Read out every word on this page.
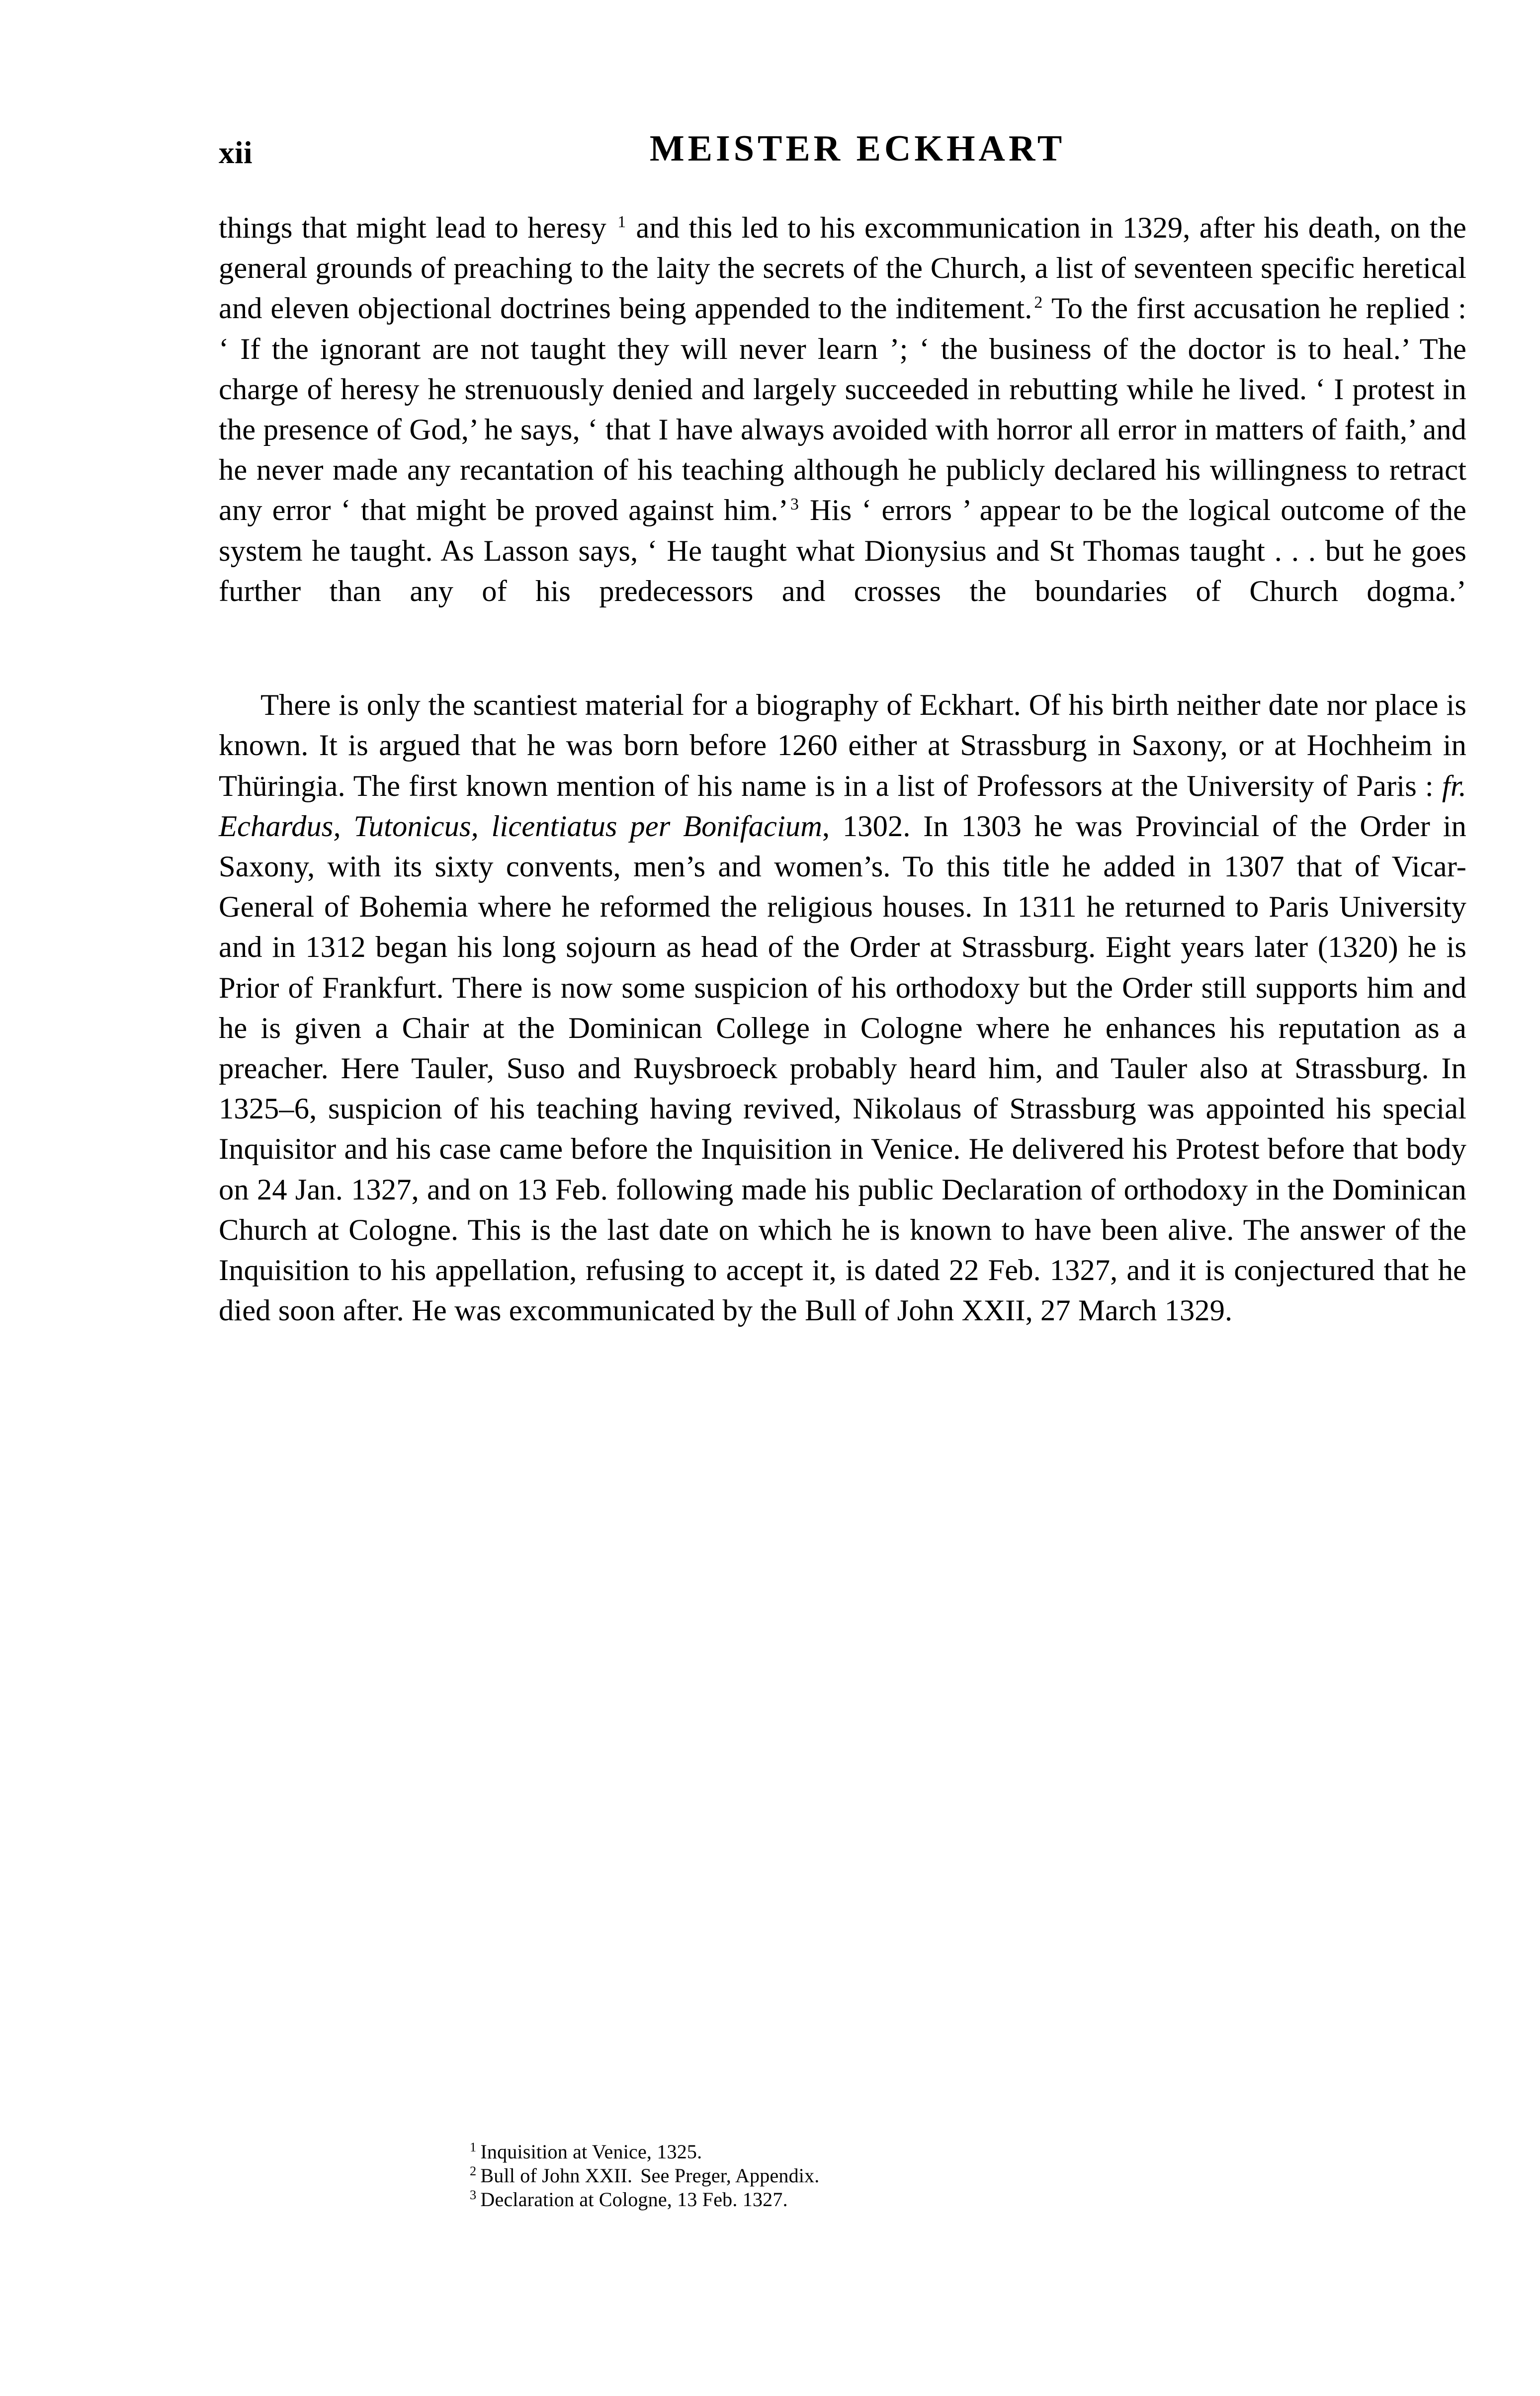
xii	MEISTER ECKHART

things that might lead to heresy $^1$ and this led to his excommunication in 1329, after his death, on the general grounds of preaching to the laity the secrets of the Church, a list of seventeen specific heretical and eleven objectional doctrines being appended to the inditement. $^2$ To the first accusation he replied : ‘ If the ignorant are not taught they will never learn ’; ‘ the business of the doctor is to heal.’ The charge of heresy he strenuously denied and largely succeeded in rebutting while he lived. ‘ I protest in the presence of God,’ he says, ‘ that I have always avoided with horror all error in matters of faith,’ and he never made any recantation of his teaching although he publicly declared his willingness to retract any error ‘ that might be proved against him.’ $^3$ His ‘ errors ’ appear to be the logical outcome of the system he taught. As Lasson says, ‘ He taught what Dionysius and St Thomas taught . . . but he goes further than any of his predecessors and crosses the boundaries of Church dogma.’

There is only the scantiest material for a biography of Eckhart. Of his birth neither date nor place is known. It is argued that he was born before 1260 either at Strassburg in Saxony, or at Hochheim in Thüringia. The first known mention of his name is in a list of Professors at the University of Paris : fr. Echardus, Tutonicus, licentiatus per Bonifacium, 1302. In 1303 he was Provincial of the Order in Saxony, with its sixty convents, men’s and women’s. To this title he added in 1307 that of Vicar-General of Bohemia where he reformed the religious houses. In 1311 he returned to Paris University and in 1312 began his long sojourn as head of the Order at Strassburg. Eight years later (1320) he is Prior of Frankfurt. There is now some suspicion of his orthodoxy but the Order still supports him and he is given a Chair at the Dominican College in Cologne where he enhances his reputation as a preacher. Here Tauler, Suso and Ruysbroeck probably heard him, and Tauler also at Strassburg. In 1325–6, suspicion of his teaching having revived, Nikolaus of Strassburg was appointed his special Inquisitor and his case came before the Inquisition in Venice. He delivered his Protest before that body on 24 Jan. 1327, and on 13 Feb. following made his public Declaration of orthodoxy in the Dominican Church at Cologne. This is the last date on which he is known to have been alive. The answer of the Inquisition to his appellation, refusing to accept it, is dated 22 Feb. 1327, and it is conjectured that he died soon after. He was excommunicated by the Bull of John XXII, 27 March 1329.

$^1$ Inquisition at Venice, 1325.

$^2$ Bull of John XXII. See Preger, Appendix.

$^3$ Declaration at Cologne, 13 Feb. 1327.
